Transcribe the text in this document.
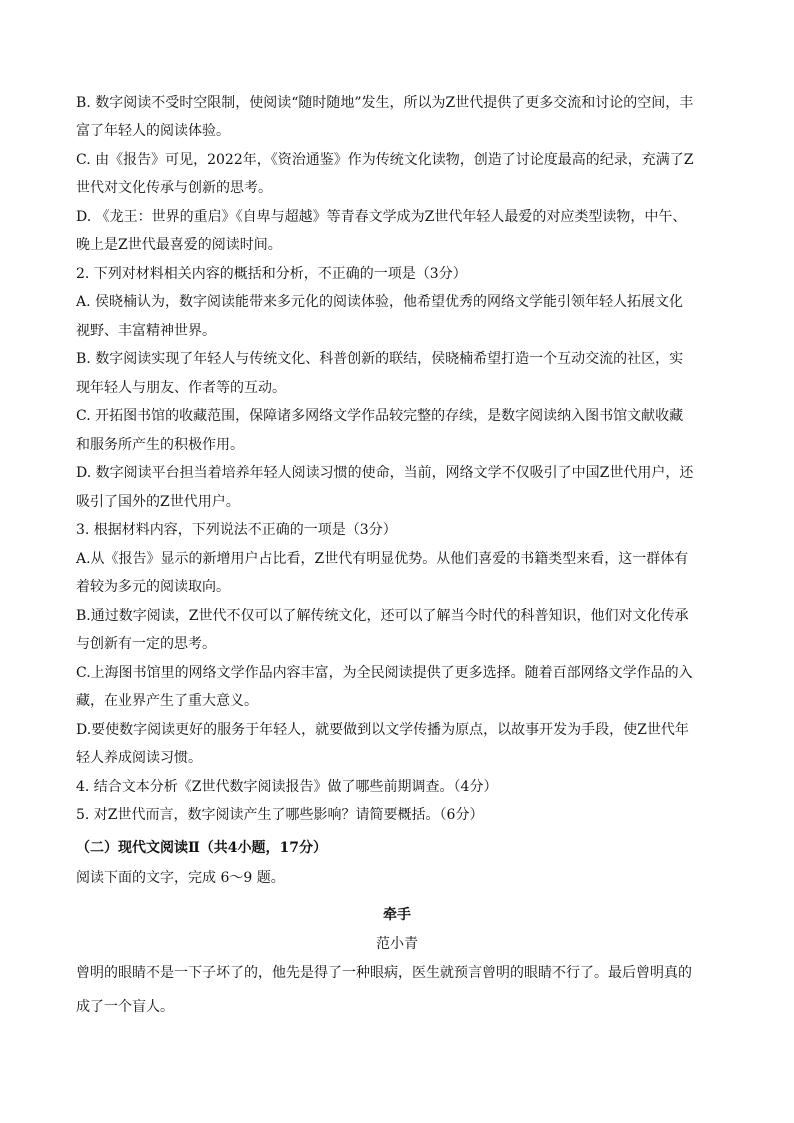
B. 数字阅读不受时空限制，使阅读“随时随地”发生，所以为Z世代提供了更多交流和讨论的空间，丰
富了年轻人的阅读体验。
C. 由《报告》可见，2022年，《资治通鉴》作为传统文化读物，创造了讨论度最高的纪录，充满了Z
世代对文化传承与创新的思考。
D. 《龙王：世界的重启》《自卑与超越》等青春文学成为Z世代年轻人最爱的对应类型读物，中午、
晚上是Z世代最喜爱的阅读时间。
2. 下列对材料相关内容的概括和分析，不正确的一项是（3分）
A. 侯晓楠认为，数字阅读能带来多元化的阅读体验，他希望优秀的网络文学能引领年轻人拓展文化
视野、丰富精神世界。
B. 数字阅读实现了年轻人与传统文化、科普创新的联结，侯晓楠希望打造一个互动交流的社区，实
现年轻人与朋友、作者等的互动。
C. 开拓图书馆的收藏范围，保障诸多网络文学作品较完整的存续，是数字阅读纳入图书馆文献收藏
和服务所产生的积极作用。
D. 数字阅读平台担当着培养年轻人阅读习惯的使命，当前，网络文学不仅吸引了中国Z世代用户，还
吸引了国外的Z世代用户。
3. 根据材料内容，下列说法不正确的一项是（3分）
A.从《报告》显示的新增用户占比看，Z世代有明显优势。从他们喜爱的书籍类型来看，这一群体有
着较为多元的阅读取向。
B.通过数字阅读，Z世代不仅可以了解传统文化，还可以了解当今时代的科普知识，他们对文化传承
与创新有一定的思考。
C.上海图书馆里的网络文学作品内容丰富，为全民阅读提供了更多选择。随着百部网络文学作品的入
藏，在业界产生了重大意义。
D.要使数字阅读更好的服务于年轻人，就要做到以文学传播为原点，以故事开发为手段，使Z世代年
轻人养成阅读习惯。
4. 结合文本分析《Z世代数字阅读报告》做了哪些前期调查。（4分）
5. 对Z世代而言，数字阅读产生了哪些影响？请简要概括。（6分）
（二）现代文阅读Ⅱ（共4小题，17分）
阅读下面的文字，完成 6～9 题。
牵手
范小青
曾明的眼睛不是一下子坏了的，他先是得了一种眼病，医生就预言曾明的眼睛不行了。最后曾明真的
成了一个盲人。
